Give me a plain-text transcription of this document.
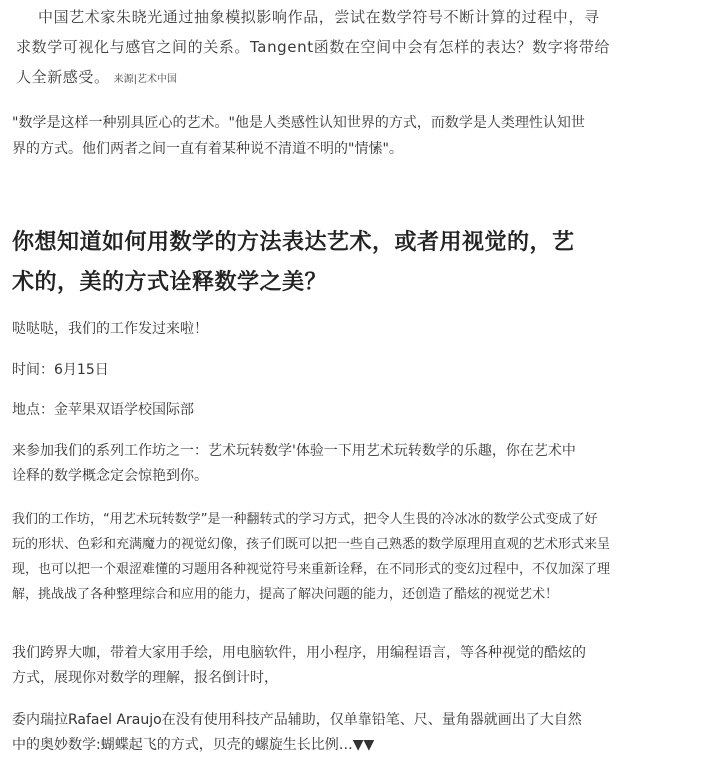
中国艺术家朱晓光通过抽象模拟影响作品，尝试在数学符号不断计算的过程中，寻
求数学可视化与感官之间的关系。Tangent函数在空间中会有怎样的表达？数字将带给
人全新感受。 来源|艺术中国

"数学是这样一种别具匠心的艺术。"他是人类感性认知世界的方式，而数学是人类理性认知世
界的方式。他们两者之间一直有着某种说不清道不明的"情愫"。

你想知道如何用数学的方法表达艺术，或者用视觉的，艺
术的，美的方式诠释数学之美？

哒哒哒，我们的工作发过来啦！

时间：6月15日

地点：金苹果双语学校国际部

来参加我们的系列工作坊之一：艺术玩转数学'体验一下用艺术玩转数学的乐趣，你在艺术中
诠释的数学概念定会惊艳到你。

我们的工作坊，“用艺术玩转数学”是一种翻转式的学习方式，把令人生畏的冷冰冰的数学公式变成了好
玩的形状、色彩和充满魔力的视觉幻像，孩子们既可以把一些自己熟悉的数学原理用直观的艺术形式来呈
现，也可以把一个艰涩难懂的习题用各种视觉符号来重新诠释，在不同形式的变幻过程中，不仅加深了理
解，挑战战了各种整理综合和应用的能力，提高了解决问题的能力，还创造了酷炫的视觉艺术！

我们跨界大咖，带着大家用手绘，用电脑软件，用小程序，用编程语言，等各种视觉的酷炫的
方式，展现你对数学的理解，报名倒计时，

委内瑞拉Rafael Araujo在没有使用科技产品辅助，仅单靠铅笔、尺、量角器就画出了大自然
中的奥妙数学:蝴蝶起飞的方式，贝壳的螺旋生长比例…▼▼
